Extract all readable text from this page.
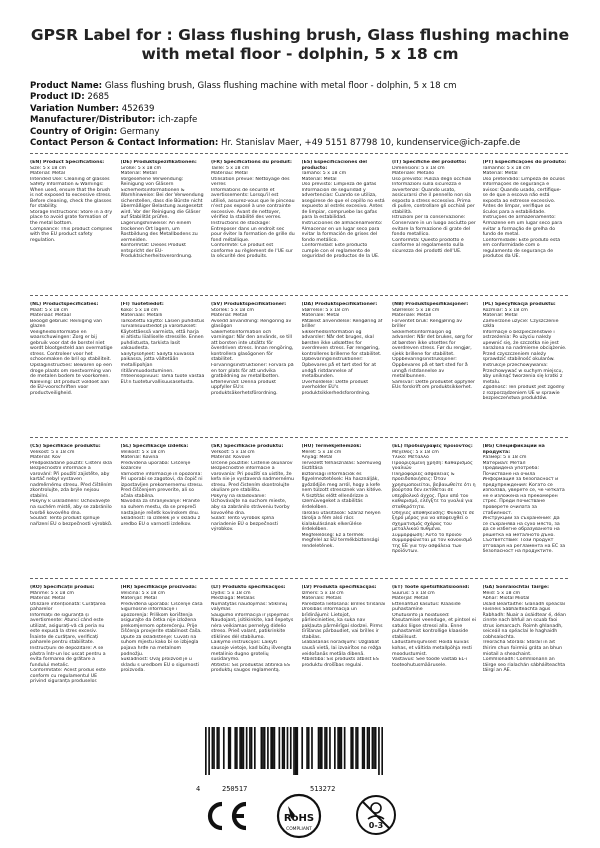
GPSR Label for : Glass flushing brush, Glass flushing machine with metal floor - dolphin, 5 x 18 cm
Product Name: Glass flushing brush, Glass flushing machine with metal floor - dolphin, 5 x 18 cm
Product ID: 2685
Variation Number: 452639
Manufacturer/Distributor: ich-zapfe
Country of Origin: Germany
Contact Person & Contact Information: Hr. Stanislav Maer, +49 5151 87798 10, kundenservice@ich-zapfe.de
(EN) Product Specifications:
Size: 5 x 18 cm
Material: Metal
Intended Use: Cleaning of glasses
Safety Information & Warnings: When used, ensure that the brush is not exposed to excessive stress. Before cleaning, check the glasses for stability.
Storage Instructions: Store in a dry place to avoid grate formation of the metal bottom.
Compliance: This product complies with the EU product safety regulation.
(DE) Produktspezifikationen:
Größe: 5 x 18 cm
Material: Metall
Vorgesehene Verwendung: Reinigung von Gläsern
Sicherheitsinformationen & Warnhinweise: Bei der Verwendung sicherstellen, dass die Bürste nicht übermäßiger Belastung ausgesetzt wird. Vor der Reinigung die Gläser auf Stabilität prüfen.
Lagerungshinweise: An einem trockenen Ort lagern, um Rostbildung des Metallbodens zu vermeiden.
Konformität: Dieses Produkt entspricht der EU-Produktsicherheitsverordnung.
(FR) Spécifications du produit:
Taille: 5 x 18 cm
Matériau: Métal
Utilisation prévue: Nettoyage des verres
Informations de sécurité et avertissements: Lorsqu'il est utilisé, assurez-vous que le pinceau n'est pas exposé à une contrainte excessive. Avant de nettoyer, vérifiez la stabilité des verres.
Instructions de stockage: Entreposer dans un endroit sec pour éviter la formation de grille du fond métallique.
Conformité: Ce produit est conforme au règlement de l'UE sur la sécurité des produits.
(ES) Especificaciones del producto:
Tamaño: 5 x 18 cm
Material: Metal
Uso previsto: Limpieza de gafas
Información de seguridad y advertencias: Cuando se utiliza, asegúrese de que el cepillo no está expuesto al estrés excesivo. Antes de limpiar, compruebe las gafas para la estabilidad.
Instrucciones de almacenamiento: Almacenar en un lugar seco para evitar la formación de grises del fondo metálico.
Conformidad: Este producto cumple con el reglamento de seguridad de productos de la UE.
(IT) Specifiche del prodotto:
Dimensioni: 5 x 18 cm
Materiale: Metallo
Uso previsto: Pulizia degli occhiali
Informazioni sulla sicurezza e avvertenze: Quando usato, assicurarsi che il pennello non sia esposto a stress eccessivo. Prima di pulire, controllare gli occhiali per stabilità.
Istruzioni per la conservazione: Conservare in un luogo asciutto per evitare la formazione di grate del fondo metallico.
Conformità: Questo prodotto è conforme al regolamento sulla sicurezza dei prodotti dell'UE.
(PT) Especificações do produto:
Tamanho: 5 x 18 cm
Material: Metal
Uso pretendido: Limpeza de óculos
Informações de segurança e avisos: Quando usado, certifique-se de que a escova não está exposta ao estresse excessivo. Antes de limpar, verifique os óculos para a estabilidade.
Instruções de armazenamento: Armazene em um lugar seco para evitar a formação de grelha do fundo de metal.
Conformidade: Este produto está em conformidade com o regulamento de segurança de produtos da UE.
(NL) Productspecificaties:
Maat: 5 x 18 cm
Materiaal: Metaal
Beoogd gebruik: Reiniging van glazen
Veiligheidsinformatie en waarschuwingen: Zorg er bij gebruik voor dat de borstel niet wordt blootgesteld aan overmatige stress. Controleer voor het schoonmaken de bril op stabiliteit.
Opslaginstructies: Bewaren op een droge plaats om roestvorming van de metalen bodem te voorkomen.
Naleving: Dit product voldoet aan de EU-voorschriften voor productveiligheid.
(FI) Tuotetiedot:
Koko: 5 x 18 cm
Materiaali: Metalli
Tarkoitettu käyttö: Lasien puhdistus
Turvallisuustiedot ja varoitukset: Käytettäessä varmista, että harja ei altistu liialliselle stressille. Ennen puhdistusta, tarkista lasit vakaudesta.
Säilytysohjeet: Säilytä kuivassa paikassa, jotta vältetään metallipohjan ritilänmuodostuminen.
Yhteensopivuus: Tämä tuote vastaa EU:n tuoteturvallisuusasetusta.
(SV) Produktspecifikationer:
Storlek: 5 x 18 cm
Material: Metall
Avsedd användning: Rengöring av glasögon
Säkerhetsinformation och varningar: När den används, se till att borsten inte utsätts för överdriven stress. Innan rengöring, kontrollera glasögonen för stabilitet.
Förvaringsinstruktioner: Förvara på en torr plats för att undvika gratbildning av metallbotten.
Efterlevnad: Denna produkt uppfyller EU:s produktsäkerhetsförordning.
(DA) Produktspecifikationer:
Størrelse: 5 x 18 cm
Materiale: Metal
Påtænkt anvendelse: Rengøring af briller
Sikkerhedsinformation og advarsler: Når det bruges, skal børsten ikke udsættes for overdreven stress. Før rengøring, kontrolleres brillerne for stabilitet.
Opbevaringsinstruktioner: Opbevares på et tørt sted for at undgå ristdannelse af metalbunden.
Overholdelse: Dette produkt overholder EU's produktsikkerhedsforordning.
(NB) Produktspesifikasjoner:
Størrelse: 5 x 18 cm
Materiale: Metall
Forventet bruk: Rengjøring av briller
Sikkerhetsinformasjon og advarsler: Når det brukes, sørg for at børsten ikke utsettes for overdreven stress. Før du rengjør, sjekk brillene for stabilitet.
Oppbevaringsinstruksjoner: Oppbevares på et tørt sted for å unngå ristdannelse av metallbunnen.
Samsvar: Dette produktet oppfyller EUs forskrift om produktsikkerhet.
(PL) Specyfikacja produktu:
Rozmiar: 5 x 18 cm
Materiał: Metal
Zamierzone użycie: Czyszczenie szkła
Informacje o bezpieczeństwie i ostrzeżenia: Po użyciu należy upewnić się, że szczotka nie jest narażona na nadmierne obciążenie. Przed czyszczeniem należy sprawdzić stabilność okularów.
Instrukcje przechowywania: Przechowywać w suchym miejscu, aby uniknąć tworzenia się kratki z metalu.
Zgodność: Ten produkt jest zgodny z rozporządzeniem UE w sprawie bezpieczeństwa produktów.
(CS) Specifikace produktu:
Velikost: 5 x 18 cm
Materiál: Kov
Předpokládané použití: Čištění skla
Bezpečnostní informace a varování: Při použití zajistěte, aby kartáč nebyl vystaven nadměrnému stresu. Před čištěním zkontrolujte, zda brýle nejsou stabilní.
Pokyny k uskladnění: Uchovávejte na suchém místě, aby se zabránilo tvorbě kovového dna.
Soulad: Tento produkt splňuje nařízení EU o bezpečnosti výrobků.
(SL) Specifikacije izdelka:
Velikost: 5 x 18 cm
Material: Kovina
Predvidena uporaba: Čiščenje kozarcev
Varnostne informacije in opozorila: Pri uporabi se zagotovi, da čopič ni izpostavljen prekomernemu stresu. Pred čiščenjem preverite, ali so očala stabilna.
Navodila za shranjevanje: Hranite na suhem mestu, da se prepreči nastajanje rešetk kovinskem dnu.
Skladnost: Ta izdelek je v skladu z uredbo EU o varnosti izdelkov.
(SK) Špecifikácie produktu:
Veľkosť: 5 x 18 cm
Materiál: Kovové
Určené použitie: Čistenie okuliarov
Bezpečnostné informácie a varovania: Pri použití sa uistite, že kefa nie je vystavená nadmernému stresu. Pred čistením skontrolujte okuliare pre stabilitu.
Pokyny na skladovanie: Uchovávajte na suchom mieste, aby sa zabránilo stráveniu tvorby kovového dna.
Súlad: Tento výrobok spĺňa nariadenie EÚ o bezpečnosti výrobkov.
(HU) Termékjellemzők:
Méret: 5 x 18 cm
Anyag: Metál
Tervezett felhasználás: Szemüveg tisztítása
Biztonsági információk és figyelmeztetések: Ha használják, győződjön meg arról, hogy a kefe nem túlzott stressznek van kitéve. A tisztítás előtt ellenőrizze a szemüvegeket a stabilitás érdekében.
Tárolási utasítások: Száraz helyen tárolja a fém alsó rács kialakulásának elkerülése érdekében.
Megfelelőség: Ez a termék megfelel az EU termékbiztonsági rendeletének.
(EL) Προδιαγραφές προϊόντος:
Μέγεθος: 5 x 18 cm
Υλικό: Μέταλλο
Προοριζόμενη χρήση: Καθαρισμός γυαλιών
Πληροφορίες ασφάλειας & προειδοποιήσεις: Όταν χρησιμοποιείται, βεβαιωθείτε ότι η βούρτσα δεν εκτίθεται σε υπερβολικό άγχος. Πριν από τον καθαρισμό, ελέγξτε τα γυαλιά για σταθερότητα.
Οδηγίες αποθήκευσης: Φυλάξτε σε ξηρό μέρος για να αποφευχθεί ο σχηματισμός σχάρας του μεταλλικού πυθμένα.
Συμμόρφωση: Αυτό το προϊόν συμμορφώνεται με τον κανονισμό της ΕΕ για την ασφάλεια των προϊόντων.
(BG) Спецификации на продукта:
Размер: 5 x 18 cm
Материал: Метал
Предвидена употреба: Почистване на очила
Информация за безопасност и предупреждения: Когато се използва, уверете се, че четката не е изложена на прекомерен стрес. Преди почистване проверете очилата за стабилност.
Инструкции за съхранение: Да се съхранява на сухо място, за да се избегне образуването на решетка на металното дъно.
Съответствие: Този продукт отговаря на регламента на ЕС за безопасност на продуктите.
(RO) Specificații produs:
Mărime: 5 x 18 cm
Material: Metal
Utilizare intenționată: Curățarea paharelor
Informații de siguranță și avertismente: Atunci când este utilizat, asigurați-vă că peria nu este expusă la stres excesiv. Înainte de curățare, verificați paharele pentru stabilitate.
Instrucțiuni de depozitare: A se păstra într-un loc uscat pentru a evita formarea de grătare a fundului metalic.
Conformitate: Acest produs este conform cu regulamentul UE privind siguranța produselor.
(HR) Specifikacije proizvoda:
Veličina: 5 x 18 cm
Materijal: Metal
Predviđena uporaba: Čišćenje čaša
Sigurnosne informacije i upozorenja: Prilikom korištenja osigurajte da četka nije izložena prekomjernom opterećenju. Prije čišćenja provjerite stabilnost čaša.
Upute za skladištenje: Čuvati na suhom mjestu kako bi se izbjegla pojava hrđe na metalnom podnožju.
Sukladnost: Ovaj proizvod je u skladu s uredbom EU o sigurnosti proizvoda.
(LT) Produkto specifikacijos:
Dydis: 5 x 18 cm
Medžiaga: Metalas
Numatytas naudojimas: Stiklinių valymas
Saugumo informacija ir įspėjimai: Naudojant, įsitikinkite, kad šepetys nėra veikiamas pernelyg didelio streso. Prieš valant, patikrinkite stiklines dėl stabilumo.
Laikymo instrukcijos: Laikyti sausoje vietoje, kad būtų išvengta metalinio dugno grotelių susidarymo.
Atitiktis: Šis produktas atitinka ES produktų saugos reglamentą.
(LV) Produkta specifikācijas:
Izmērs: 5 x 18 cm
Materiāls: Metāls
Paredzētā lietošana: Brilles tīrīšanai
Drošības informācija un brīdinājumi: Lietojot, pārliecinieties, ka suka nav pakļauta pārmērīgai slodzei. Pirms tīrīšanas pārbaudiet, vai brilles ir stabilas.
Glabāšanas norādījumi: Uzglabāt sausā vietā, lai izvairītos no režģa veidošanās metāla dibenā.
Atbilstība: Šis produkts atbilst ES produktu drošības regulai.
(ET) Toote spetsifikatsioonid:
Suurus: 5 x 18 cm
Materjal: Metall
Ettenähtud kasutus: Klaaside puhastamine
Ohutusinfo ja hoiatused: Kasutamisel veenduge, et pintsel ei satuks liigse stressi alla. Enne puhastamist kontrollige klaaside stabiilsust.
Ladustamisjuhised: Hoida kuivas kohas, et vältida metallpõhja resti moodustumist.
Vastavus: See toode vastab EL-i tooteohutusmäärusele.
(GA) Sonraíochtaí Táirge:
Méid: 5 x 18 cm
Ábhar: Miotal Miotal
Úsáid Beartaithe: Glanadh spéaclaí
Faisnéis Sábháilteachta agus Rabhadh: Nuair a úsáidtear é, déan cinnte nach bhfuil an scuab faoi strus iomarcach. Roimh ghlanadh, seiceáil na spéaclaí le haghaidh cobhsaíochta.
Treoracha Stórála: Stóráil in áit thirim chun foirmiú gráta an bhun miotail a sheachaint.
Comhlíonadh: Comhlíonann an táirge seo rialachán sábháilteachta táirgí an AE.
4	250517	513272
RoHS
COMPLIANT	0-3
